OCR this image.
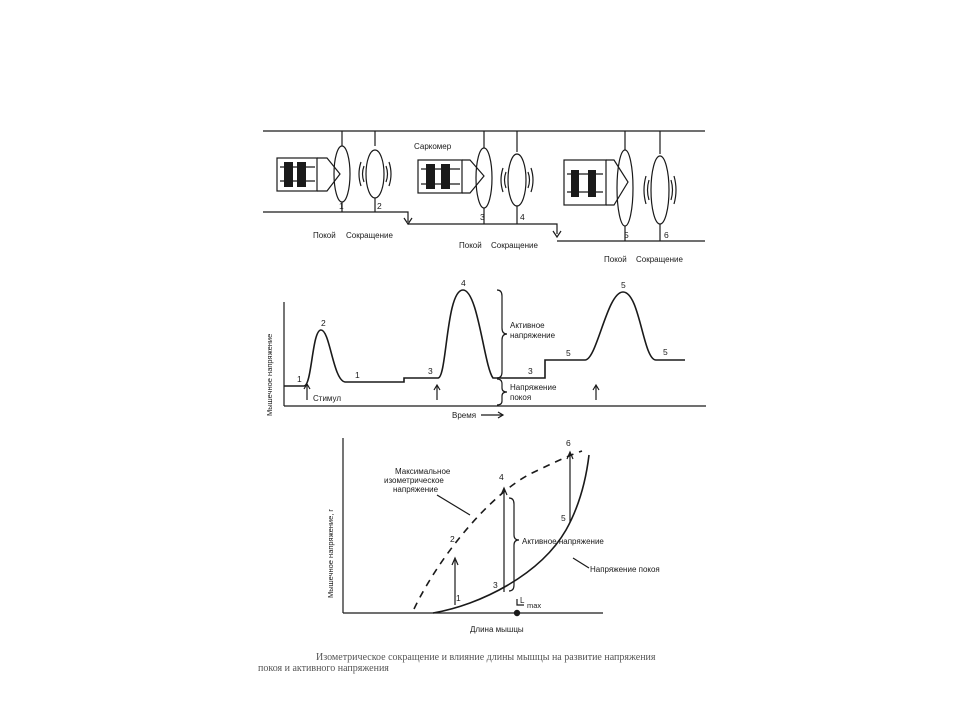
1	2
Покой Сокращение
Саркомер
3	4
Покой Сокращение
5	6
Покой Сокращение
Мышечное напряжение	Время
1
2
1	3
4
3
5
5
5
Стимул
Активное
напряжение
Напряжение
покоя
Мышечное напряжение, г
Длина мышцы
1
2
3
4
5
6
Максимальное
изометрическое
напряжение
Активное напряжение
Напряжение покоя
L
max
Изометрическое сокращение и влияние длины мышцы на развитие напряжения
покоя и активного напряжения
